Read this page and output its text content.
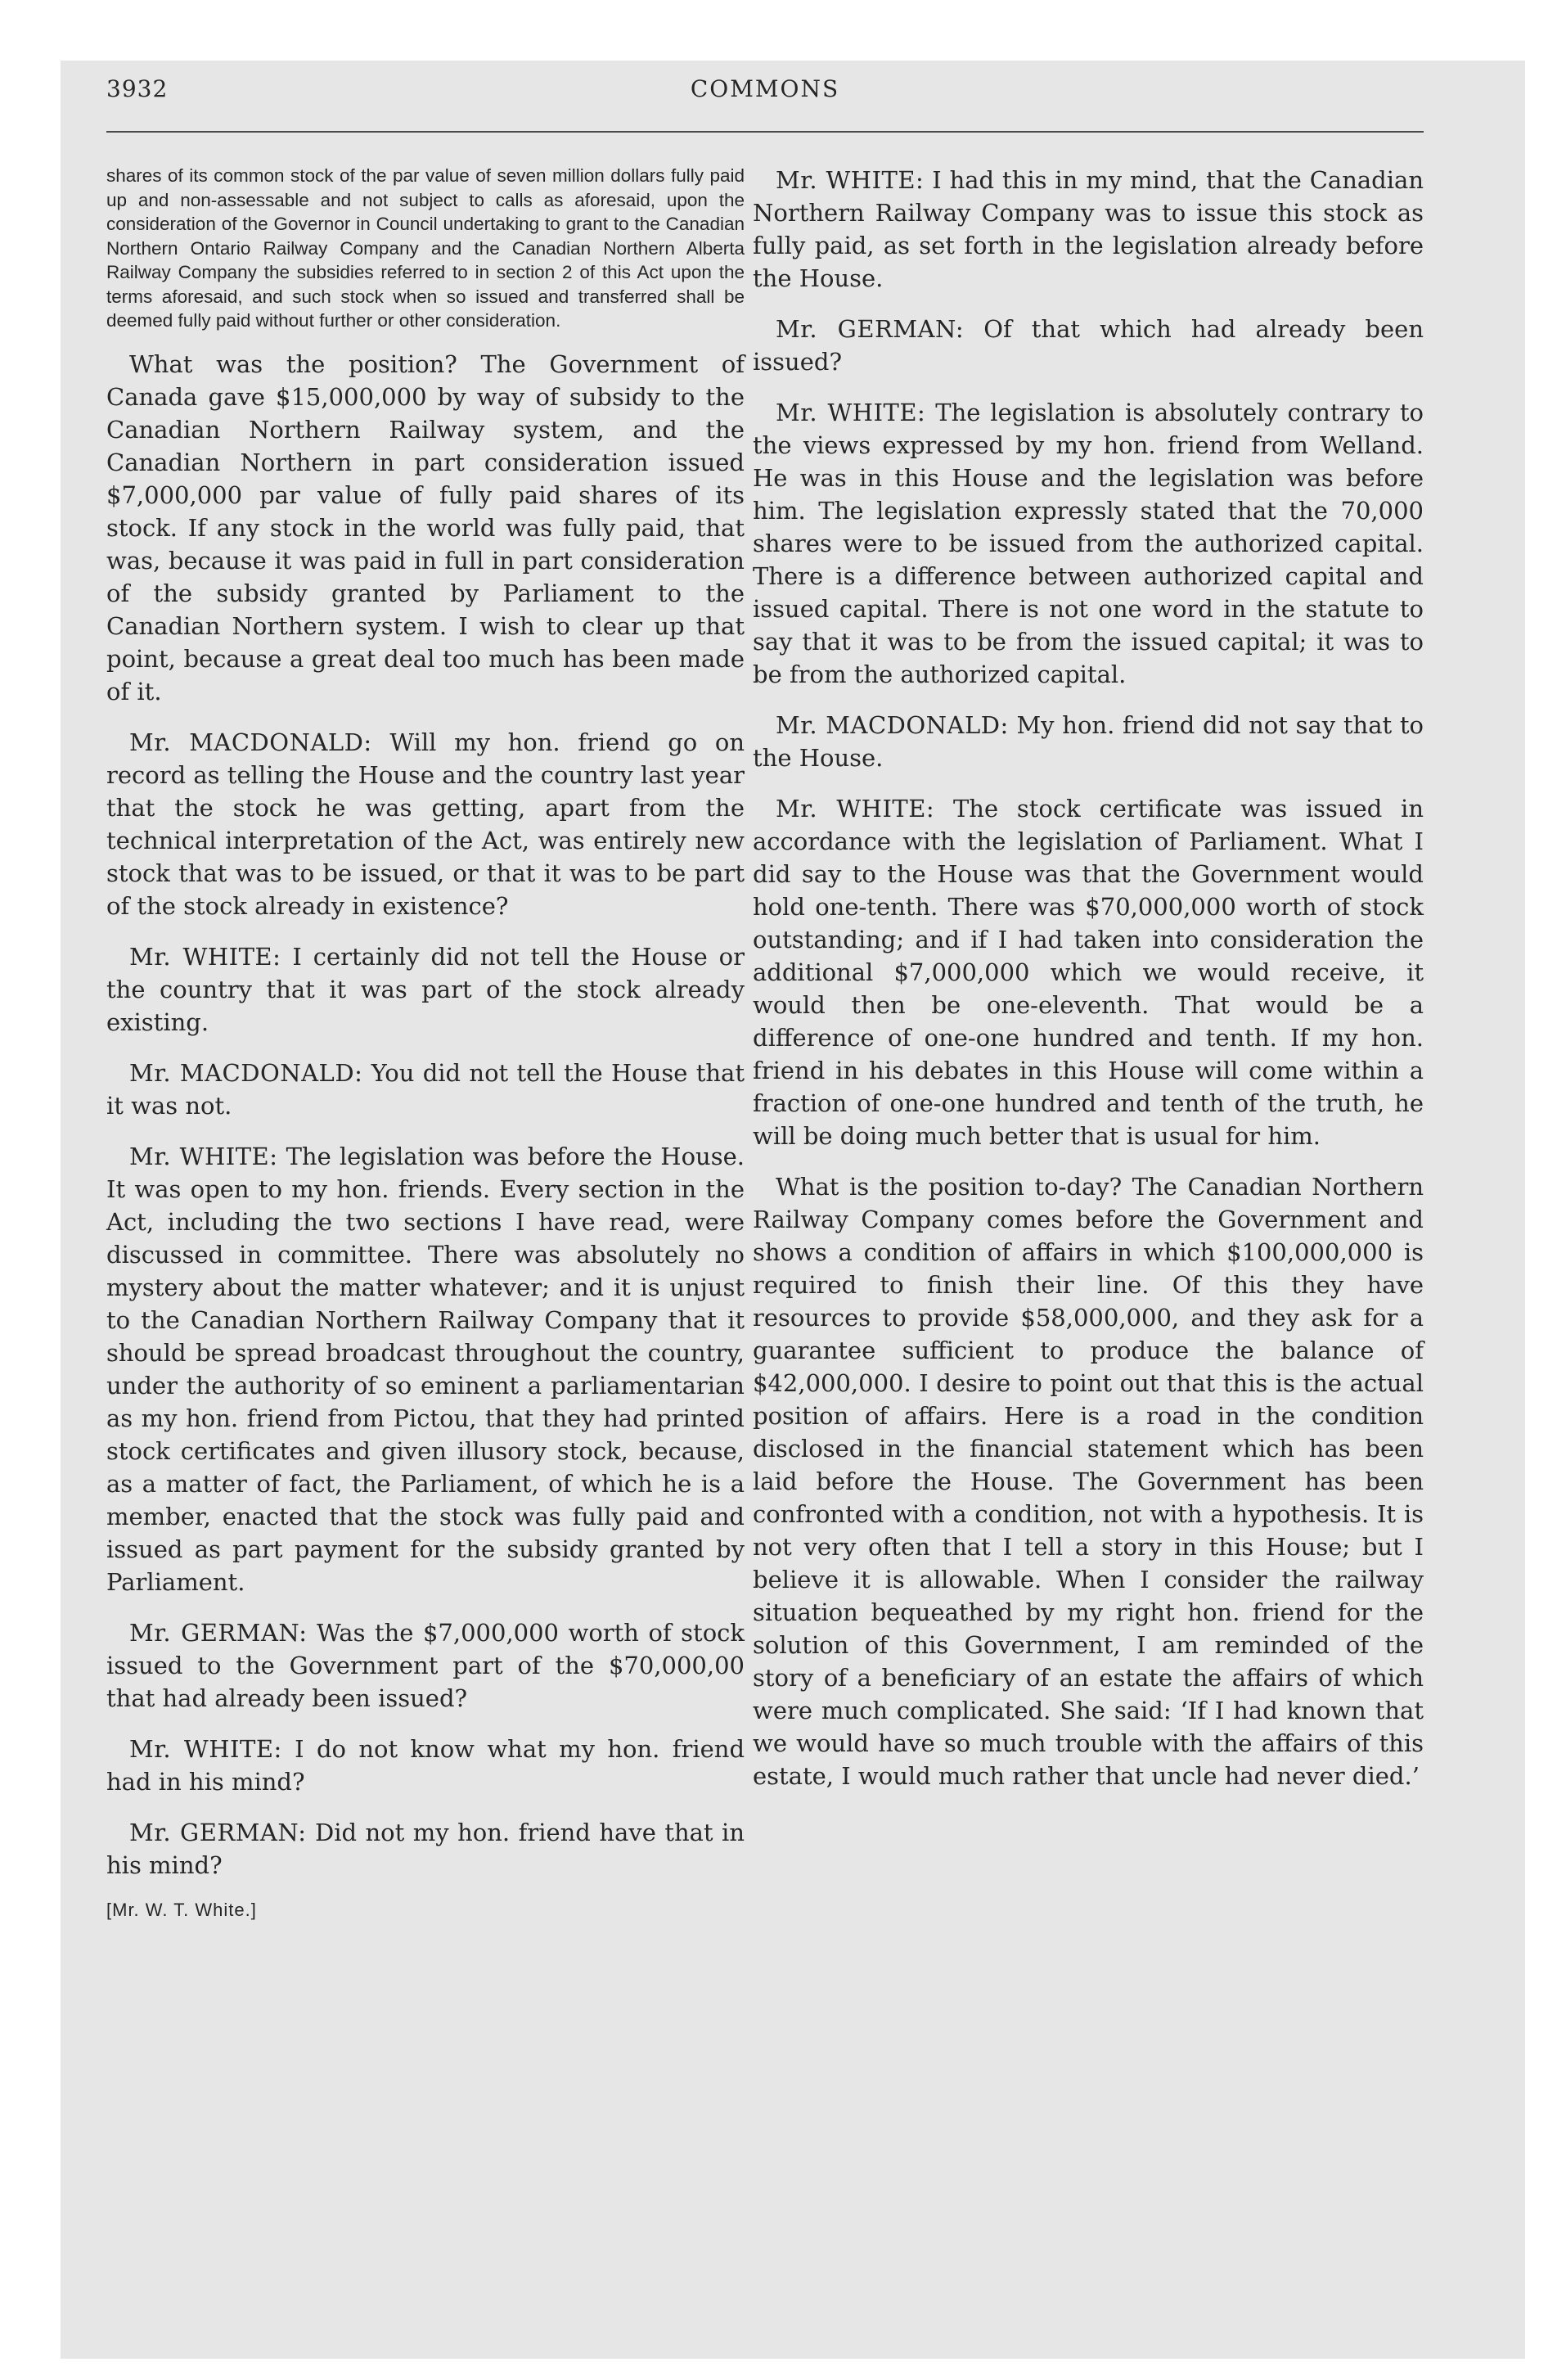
3932	COMMONS

shares of its common stock of the par value of seven million dollars fully paid up and non-assessable and not subject to calls as aforesaid, upon the consideration of the Governor in Council undertaking to grant to the Canadian Northern Ontario Railway Company and the Canadian Northern Alberta Railway Company the subsidies referred to in section 2 of this Act upon the terms aforesaid, and such stock when so issued and transferred shall be deemed fully paid without further or other consideration.

What was the position? The Government of Canada gave $15,000,000 by way of subsidy to the Canadian Northern Railway system, and the Canadian Northern in part consideration issued $7,000,000 par value of fully paid shares of its stock. If any stock in the world was fully paid, that was, because it was paid in full in part consideration of the subsidy granted by Parliament to the Canadian Northern system. I wish to clear up that point, because a great deal too much has been made of it.

Mr. MACDONALD: Will my hon. friend go on record as telling the House and the country last year that the stock he was getting, apart from the technical interpretation of the Act, was entirely new stock that was to be issued, or that it was to be part of the stock already in existence?

Mr. WHITE: I certainly did not tell the House or the country that it was part of the stock already existing.

Mr. MACDONALD: You did not tell the House that it was not.

Mr. WHITE: The legislation was before the House. It was open to my hon. friends. Every section in the Act, including the two sections I have read, were discussed in committee. There was absolutely no mystery about the matter whatever; and it is unjust to the Canadian Northern Railway Company that it should be spread broadcast throughout the country, under the authority of so eminent a parliamentarian as my hon. friend from Pictou, that they had printed stock certificates and given illusory stock, because, as a matter of fact, the Parliament, of which he is a member, enacted that the stock was fully paid and issued as part payment for the subsidy granted by Parliament.

Mr. GERMAN: Was the $7,000,000 worth of stock issued to the Government part of the $70,000,00 that had already been issued?

Mr. WHITE: I do not know what my hon. friend had in his mind?

Mr. GERMAN: Did not my hon. friend have that in his mind?

[Mr. W. T. White.]

Mr. WHITE: I had this in my mind, that the Canadian Northern Railway Company was to issue this stock as fully paid, as set forth in the legislation already before the House.

Mr. GERMAN: Of that which had already been issued?

Mr. WHITE: The legislation is absolutely contrary to the views expressed by my hon. friend from Welland. He was in this House and the legislation was before him. The legislation expressly stated that the 70,000 shares were to be issued from the authorized capital. There is a difference between authorized capital and issued capital. There is not one word in the statute to say that it was to be from the issued capital; it was to be from the authorized capital.

Mr. MACDONALD: My hon. friend did not say that to the House.

Mr. WHITE: The stock certificate was issued in accordance with the legislation of Parliament. What I did say to the House was that the Government would hold one-tenth. There was $70,000,000 worth of stock outstanding; and if I had taken into consideration the additional $7,000,000 which we would receive, it would then be one-eleventh. That would be a difference of one-one hundred and tenth. If my hon. friend in his debates in this House will come within a fraction of one-one hundred and tenth of the truth, he will be doing much better that is usual for him.

What is the position to-day? The Canadian Northern Railway Company comes before the Government and shows a condition of affairs in which $100,000,000 is required to finish their line. Of this they have resources to provide $58,000,000, and they ask for a guarantee sufficient to produce the balance of $42,000,000. I desire to point out that this is the actual position of affairs. Here is a road in the condition disclosed in the financial statement which has been laid before the House. The Government has been confronted with a condition, not with a hypothesis. It is not very often that I tell a story in this House; but I believe it is allowable. When I consider the railway situation bequeathed by my right hon. friend for the solution of this Government, I am reminded of the story of a beneficiary of an estate the affairs of which were much complicated. She said: ‘If I had known that we would have so much trouble with the affairs of this estate, I would much rather that uncle had never died.’
